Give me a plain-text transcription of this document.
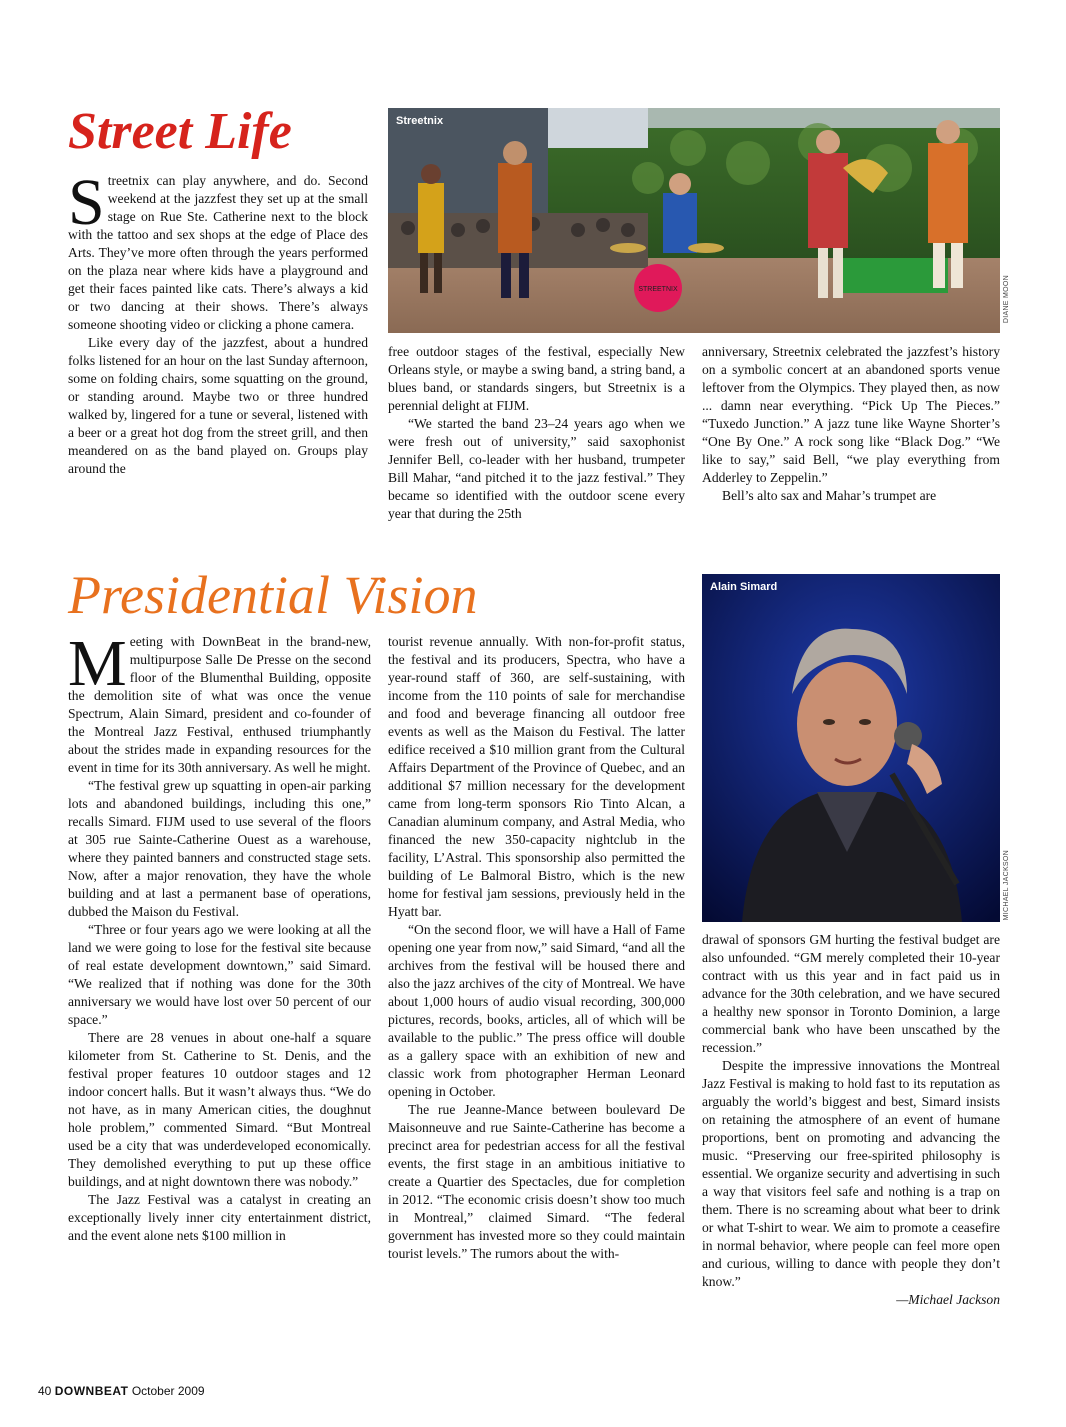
Street Life

Streetnix can play anywhere, and do. Second weekend at the jazzfest they set up at the small stage on Rue Ste. Catherine next to the block with the tattoo and sex shops at the edge of Place des Arts. They’ve more often through the years performed on the plaza near where kids have a playground and get their faces painted like cats. There’s always a kid or two dancing at their shows. There’s always someone shooting video or clicking a phone camera.

Like every day of the jazzfest, about a hundred folks listened for an hour on the last Sunday afternoon, some on folding chairs, some squatting on the ground, or standing around. Maybe two or three hundred walked by, lingered for a tune or several, listened with a beer or a great hot dog from the street grill, and then meandered on as the band played on. Groups play around the

STREETNIX
Streetnix
DIANE MOON

free outdoor stages of the festival, especially New Orleans style, or maybe a swing band, a string band, a blues band, or standards singers, but Streetnix is a perennial delight at FIJM.

“We started the band 23–24 years ago when we were fresh out of university,” said saxophonist Jennifer Bell, co-leader with her husband, trumpeter Bill Mahar, “and pitched it to the jazz festival.” They became so identified with the outdoor scene every year that during the 25th

anniversary, Streetnix celebrated the jazzfest’s history on a symbolic concert at an abandoned sports venue leftover from the Olympics. They played then, as now ... damn near everything. “Pick Up The Pieces.” “Tuxedo Junction.” A jazz tune like Wayne Shorter’s “One By One.” A rock song like “Black Dog.” “We like to say,” said Bell, “we play everything from Adderley to Zeppelin.”

Bell’s alto sax and Mahar’s trumpet are

Presidential Vision

Meeting with DownBeat in the brand-new, multipurpose Salle De Presse on the second floor of the Blumenthal Building, opposite the demolition site of what was once the venue Spectrum, Alain Simard, president and co-founder of the Montreal Jazz Festival, enthused triumphantly about the strides made in expanding resources for the event in time for its 30th anniversary. As well he might.

“The festival grew up squatting in open-air parking lots and abandoned buildings, including this one,” recalls Simard. FIJM used to use several of the floors at 305 rue Sainte-Catherine Ouest as a warehouse, where they painted banners and constructed stage sets. Now, after a major renovation, they have the whole building and at last a permanent base of operations, dubbed the Maison du Festival.

“Three or four years ago we were looking at all the land we were going to lose for the festival site because of real estate development downtown,” said Simard. “We realized that if nothing was done for the 30th anniversary we would have lost over 50 percent of our space.”

There are 28 venues in about one-half a square kilometer from St. Catherine to St. Denis, and the festival proper features 10 outdoor stages and 12 indoor concert halls. But it wasn’t always thus. “We do not have, as in many American cities, the doughnut hole problem,” commented Simard. “But Montreal used be a city that was underdeveloped economically. They demolished everything to put up these office buildings, and at night downtown there was nobody.”

The Jazz Festival was a catalyst in creating an exceptionally lively inner city entertainment district, and the event alone nets $100 million in

tourist revenue annually. With non-for-profit status, the festival and its producers, Spectra, who have a year-round staff of 360, are self-sustaining, with income from the 110 points of sale for merchandise and food and beverage financing all outdoor free events as well as the Maison du Festival. The latter edifice received a $10 million grant from the Cultural Affairs Department of the Province of Quebec, and an additional $7 million necessary for the development came from long-term sponsors Rio Tinto Alcan, a Canadian aluminum company, and Astral Media, who financed the new 350-capacity nightclub in the facility, L’Astral. This sponsorship also permitted the building of Le Balmoral Bistro, which is the new home for festival jam sessions, previously held in the Hyatt bar.

“On the second floor, we will have a Hall of Fame opening one year from now,” said Simard, “and all the archives from the festival will be housed there and also the jazz archives of the city of Montreal. We have about 1,000 hours of audio visual recording, 300,000 pictures, records, books, articles, all of which will be available to the public.” The press office will double as a gallery space with an exhibition of new and classic work from photographer Herman Leonard opening in October.

The rue Jeanne-Mance between boulevard De Maisonneuve and rue Sainte-Catherine has become a precinct area for pedestrian access for all the festival events, the first stage in an ambitious initiative to create a Quartier des Spectacles, due for completion in 2012. “The economic crisis doesn’t show too much in Montreal,” claimed Simard. “The federal government has invested more so they could maintain tourist levels.” The rumors about the with-

Alain Simard
MICHAEL JACKSON

drawal of sponsors GM hurting the festival budget are also unfounded. “GM merely completed their 10-year contract with us this year and in fact paid us in advance for the 30th celebration, and we have secured a healthy new sponsor in Toronto Dominion, a large commercial bank who have been unscathed by the recession.”

Despite the impressive innovations the Montreal Jazz Festival is making to hold fast to its reputation as arguably the world’s biggest and best, Simard insists on retaining the atmosphere of an event of humane proportions, bent on promoting and advancing the music. “Preserving our free-spirited philosophy is essential. We organize security and advertising in such a way that visitors feel safe and nothing is a trap on them. There is no screaming about what beer to drink or what T-shirt to wear. We aim to promote a ceasefire in normal behavior, where people can feel more open and curious, willing to dance with people they don’t know.”

—Michael Jackson

40 DOWNBEAT October 2009
